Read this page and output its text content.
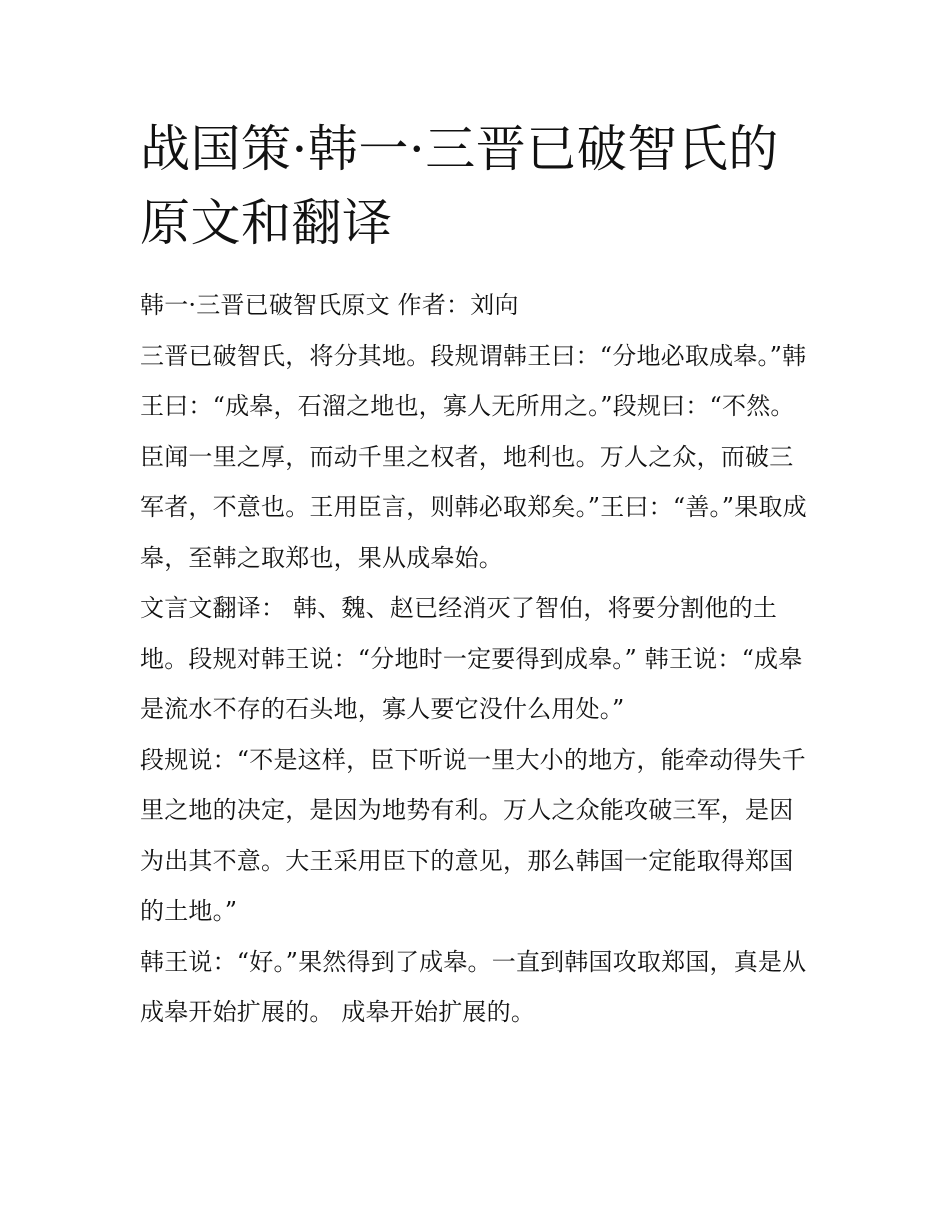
战国策·韩一·三晋已破智氏的原文和翻译

韩一·三晋已破智氏原文 作者：刘向

三晋已破智氏，将分其地。段规谓韩王曰：“分地必取成皋。”韩王曰：“成皋，石溜之地也，寡人无所用之。”段规曰：“不然。臣闻一里之厚，而动千里之权者，地利也。万人之众，而破三军者，不意也。王用臣言，则韩必取郑矣。”王曰：“善。”果取成皋，至韩之取郑也，果从成皋始。

文言文翻译： 韩、魏、赵已经消灭了智伯，将要分割他的土地。段规对韩王说：“分地时一定要得到成皋。” 韩王说：“成皋是流水不存的石头地，寡人要它没什么用处。”

段规说：“不是这样，臣下听说一里大小的地方，能牵动得失千里之地的决定，是因为地势有利。万人之众能攻破三军，是因为出其不意。大王采用臣下的意见，那么韩国一定能取得郑国的土地。”

韩王说：“好。”果然得到了成皋。一直到韩国攻取郑国，真是从成皋开始扩展的。 成皋开始扩展的。
